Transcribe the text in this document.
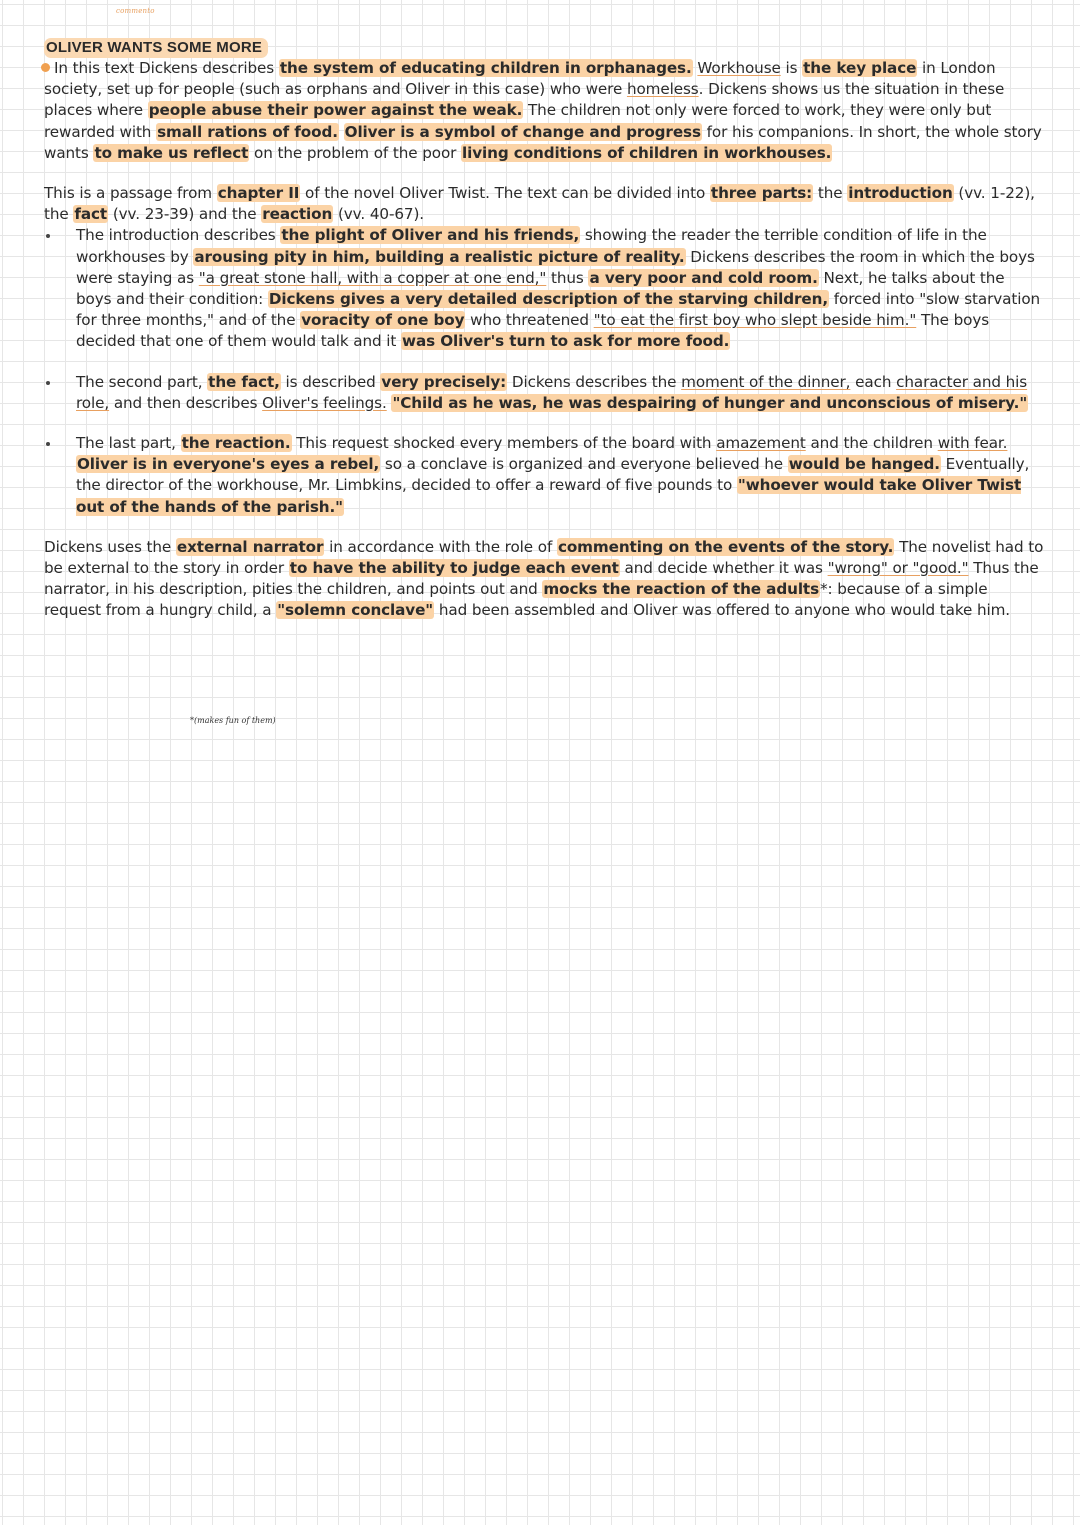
commento
OLIVER WANTS SOME MORE

In this text Dickens describes the system of educating children in orphanages. Workhouse is the key place in London society, set up for people (such as orphans and Oliver in this case) who were homeless. Dickens shows us the situation in these places where people abuse their power against the weak. The children not only were forced to work, they were only but rewarded with small rations of food. Oliver is a symbol of change and progress for his companions. In short, the whole story wants to make us reflect on the problem of the poor living conditions of children in workhouses.

This is a passage from chapter II of the novel Oliver Twist. The text can be divided into three parts: the introduction (vv. 1-22), the fact (vv. 23-39) and the reaction (vv. 40-67).

The introduction describes the plight of Oliver and his friends, showing the reader the terrible condition of life in the workhouses by arousing pity in him, building a realistic picture of reality. Dickens describes the room in which the boys were staying as "a great stone hall, with a copper at one end," thus a very poor and cold room. Next, he talks about the boys and their condition: Dickens gives a very detailed description of the starving children, forced into "slow starvation for three months," and of the voracity of one boy who threatened "to eat the first boy who slept beside him." The boys decided that one of them would talk and it was Oliver's turn to ask for more food.

The second part, the fact, is described very precisely: Dickens describes the moment of the dinner, each character and his role, and then describes Oliver's feelings. "Child as he was, he was despairing of hunger and unconscious of misery."

The last part, the reaction. This request shocked every members of the board with amazement and the children with fear. Oliver is in everyone's eyes a rebel, so a conclave is organized and everyone believed he would be hanged. Eventually, the director of the workhouse, Mr. Limbkins, decided to offer a reward of five pounds to "whoever would take Oliver Twist out of the hands of the parish."

Dickens uses the external narrator in accordance with the role of commenting on the events of the story. The novelist had to be external to the story in order to have the ability to judge each event and decide whether it was "wrong" or "good." Thus the narrator, in his description, pities the children, and points out and mocks the reaction of the adults*: because of a simple request from a hungry child, a "solemn conclave" had been assembled and Oliver was offered to anyone who would take him.

*(makes fun of them)
